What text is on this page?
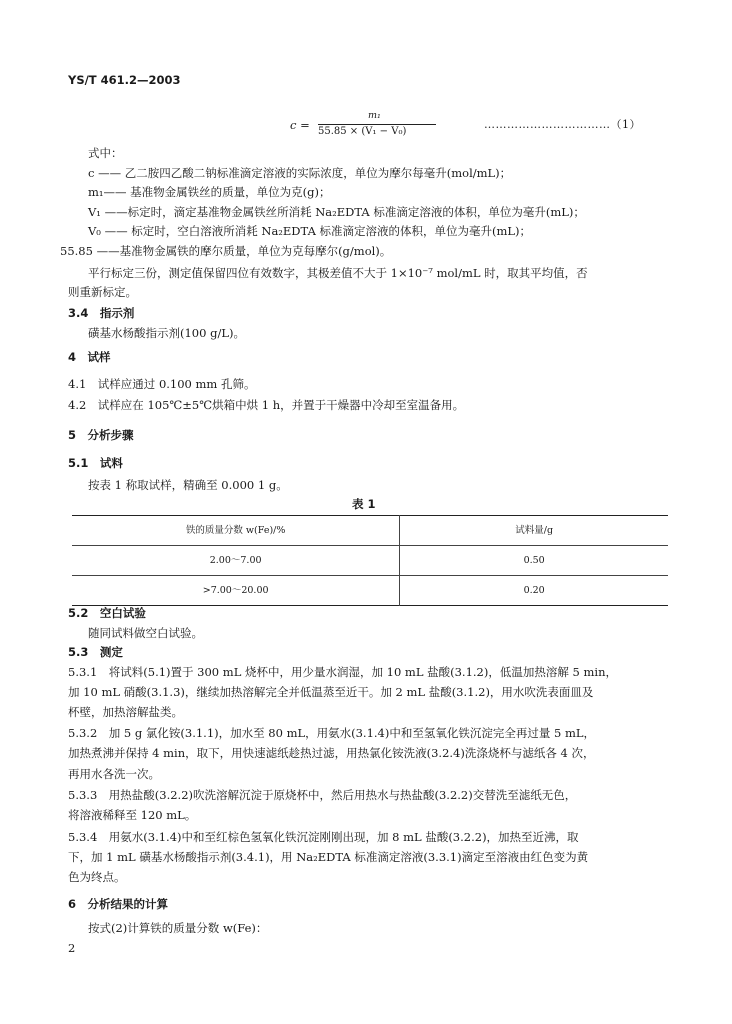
YS/T 461.2—2003
c =
m₁
55.85 × (V₁ − V₀)
……………………………（1）
式中：
c —— 乙二胺四乙酸二钠标准滴定溶液的实际浓度，单位为摩尔每毫升(mol/mL)；
m₁—— 基准物金属铁丝的质量，单位为克(g)；
V₁ ——标定时，滴定基准物金属铁丝所消耗 Na₂EDTA 标准滴定溶液的体积，单位为毫升(mL)；
V₀ —— 标定时，空白溶液所消耗 Na₂EDTA 标准滴定溶液的体积，单位为毫升(mL)；
55.85 ——基准物金属铁的摩尔质量，单位为克每摩尔(g/mol)。
平行标定三份，测定值保留四位有效数字，其极差值不大于 1×10⁻⁷ mol/mL 时，取其平均值，否
则重新标定。
3.4　指示剂
磺基水杨酸指示剂(100 g/L)。
4　试样
4.1　试样应通过 0.100 mm 孔筛。
4.2　试样应在 105℃±5℃烘箱中烘 1 h，并置于干燥器中冷却至室温备用。
5　分析步骤
5.1　试料
按表 1 称取试样，精确至 0.000 1 g。
表 1
铁的质量分数 w(Fe)/%	试料量/g
2.00～7.00	0.50
>7.00～20.00	0.20
5.2　空白试验
随同试料做空白试验。
5.3　测定
5.3.1　将试料(5.1)置于 300 mL 烧杯中，用少量水润湿，加 10 mL 盐酸(3.1.2)，低温加热溶解 5 min，
加 10 mL 硝酸(3.1.3)，继续加热溶解完全并低温蒸至近干。加 2 mL 盐酸(3.1.2)，用水吹洗表面皿及
杯壁，加热溶解盐类。
5.3.2　加 5 g 氯化铵(3.1.1)，加水至 80 mL，用氨水(3.1.4)中和至氢氧化铁沉淀完全再过量 5 mL，
加热煮沸并保持 4 min，取下，用快速滤纸趁热过滤，用热氯化铵洗液(3.2.4)洗涤烧杯与滤纸各 4 次，
再用水各洗一次。
5.3.3　用热盐酸(3.2.2)吹洗溶解沉淀于原烧杯中，然后用热水与热盐酸(3.2.2)交替洗至滤纸无色，
将溶液稀释至 120 mL。
5.3.4　用氨水(3.1.4)中和至红棕色氢氧化铁沉淀刚刚出现，加 8 mL 盐酸(3.2.2)，加热至近沸，取
下，加 1 mL 磺基水杨酸指示剂(3.4.1)，用 Na₂EDTA 标准滴定溶液(3.3.1)滴定至溶液由红色变为黄
色为终点。
6　分析结果的计算
按式(2)计算铁的质量分数 w(Fe)：
2
